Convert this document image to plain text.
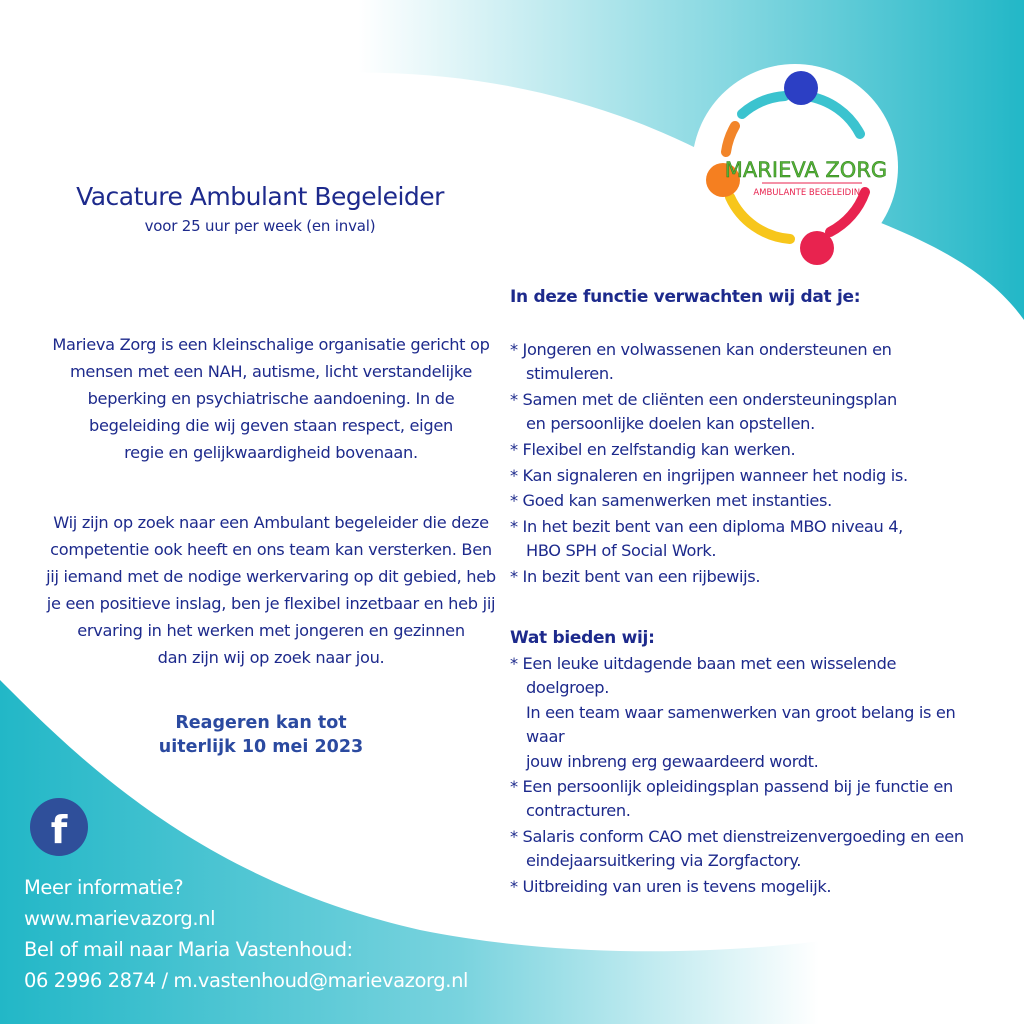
MARIEVA ZORG
AMBULANTE BEGELEIDING
Vacature Ambulant Begeleider
voor 25 uur per week (en inval)
Marieva Zorg is een kleinschalige organisatie gericht op
mensen met een NAH, autisme, licht verstandelijke
beperking en psychiatrische aandoening. In de
begeleiding die wij geven staan respect, eigen
regie en gelijkwaardigheid bovenaan.
Wij zijn op zoek naar een Ambulant begeleider die deze
competentie ook heeft en ons team kan versterken. Ben
jij iemand met de nodige werkervaring op dit gebied, heb
je een positieve inslag, ben je flexibel inzetbaar en heb jij
ervaring in het werken met jongeren en gezinnen
dan zijn wij op zoek naar jou.
Reageren kan tot
uiterlijk 10 mei 2023
f
Meer informatie?
www.marievazorg.nl
Bel of mail naar Maria Vastenhoud:
06 2996 2874 / m.vastenhoud@marievazorg.nl
In deze functie verwachten wij dat je:
* Jongeren en volwassenen kan ondersteunen en stimuleren.
* Samen met de cliënten een ondersteuningsplan
en persoonlijke doelen kan opstellen.
* Flexibel en zelfstandig kan werken.
* Kan signaleren en ingrijpen wanneer het nodig is.
* Goed kan samenwerken met instanties.
* In het bezit bent van een diploma MBO niveau 4,
HBO SPH of Social Work.
* In bezit bent van een rijbewijs.
Wat bieden wij:
* Een leuke uitdagende baan met een wisselende doelgroep.
In een team waar samenwerken van groot belang is en waar
jouw inbreng erg gewaardeerd wordt.
* Een persoonlijk opleidingsplan passend bij je functie en
contracturen.
* Salaris conform CAO met dienstreizenvergoeding en een
eindejaarsuitkering via Zorgfactory.
* Uitbreiding van uren is tevens mogelijk.
